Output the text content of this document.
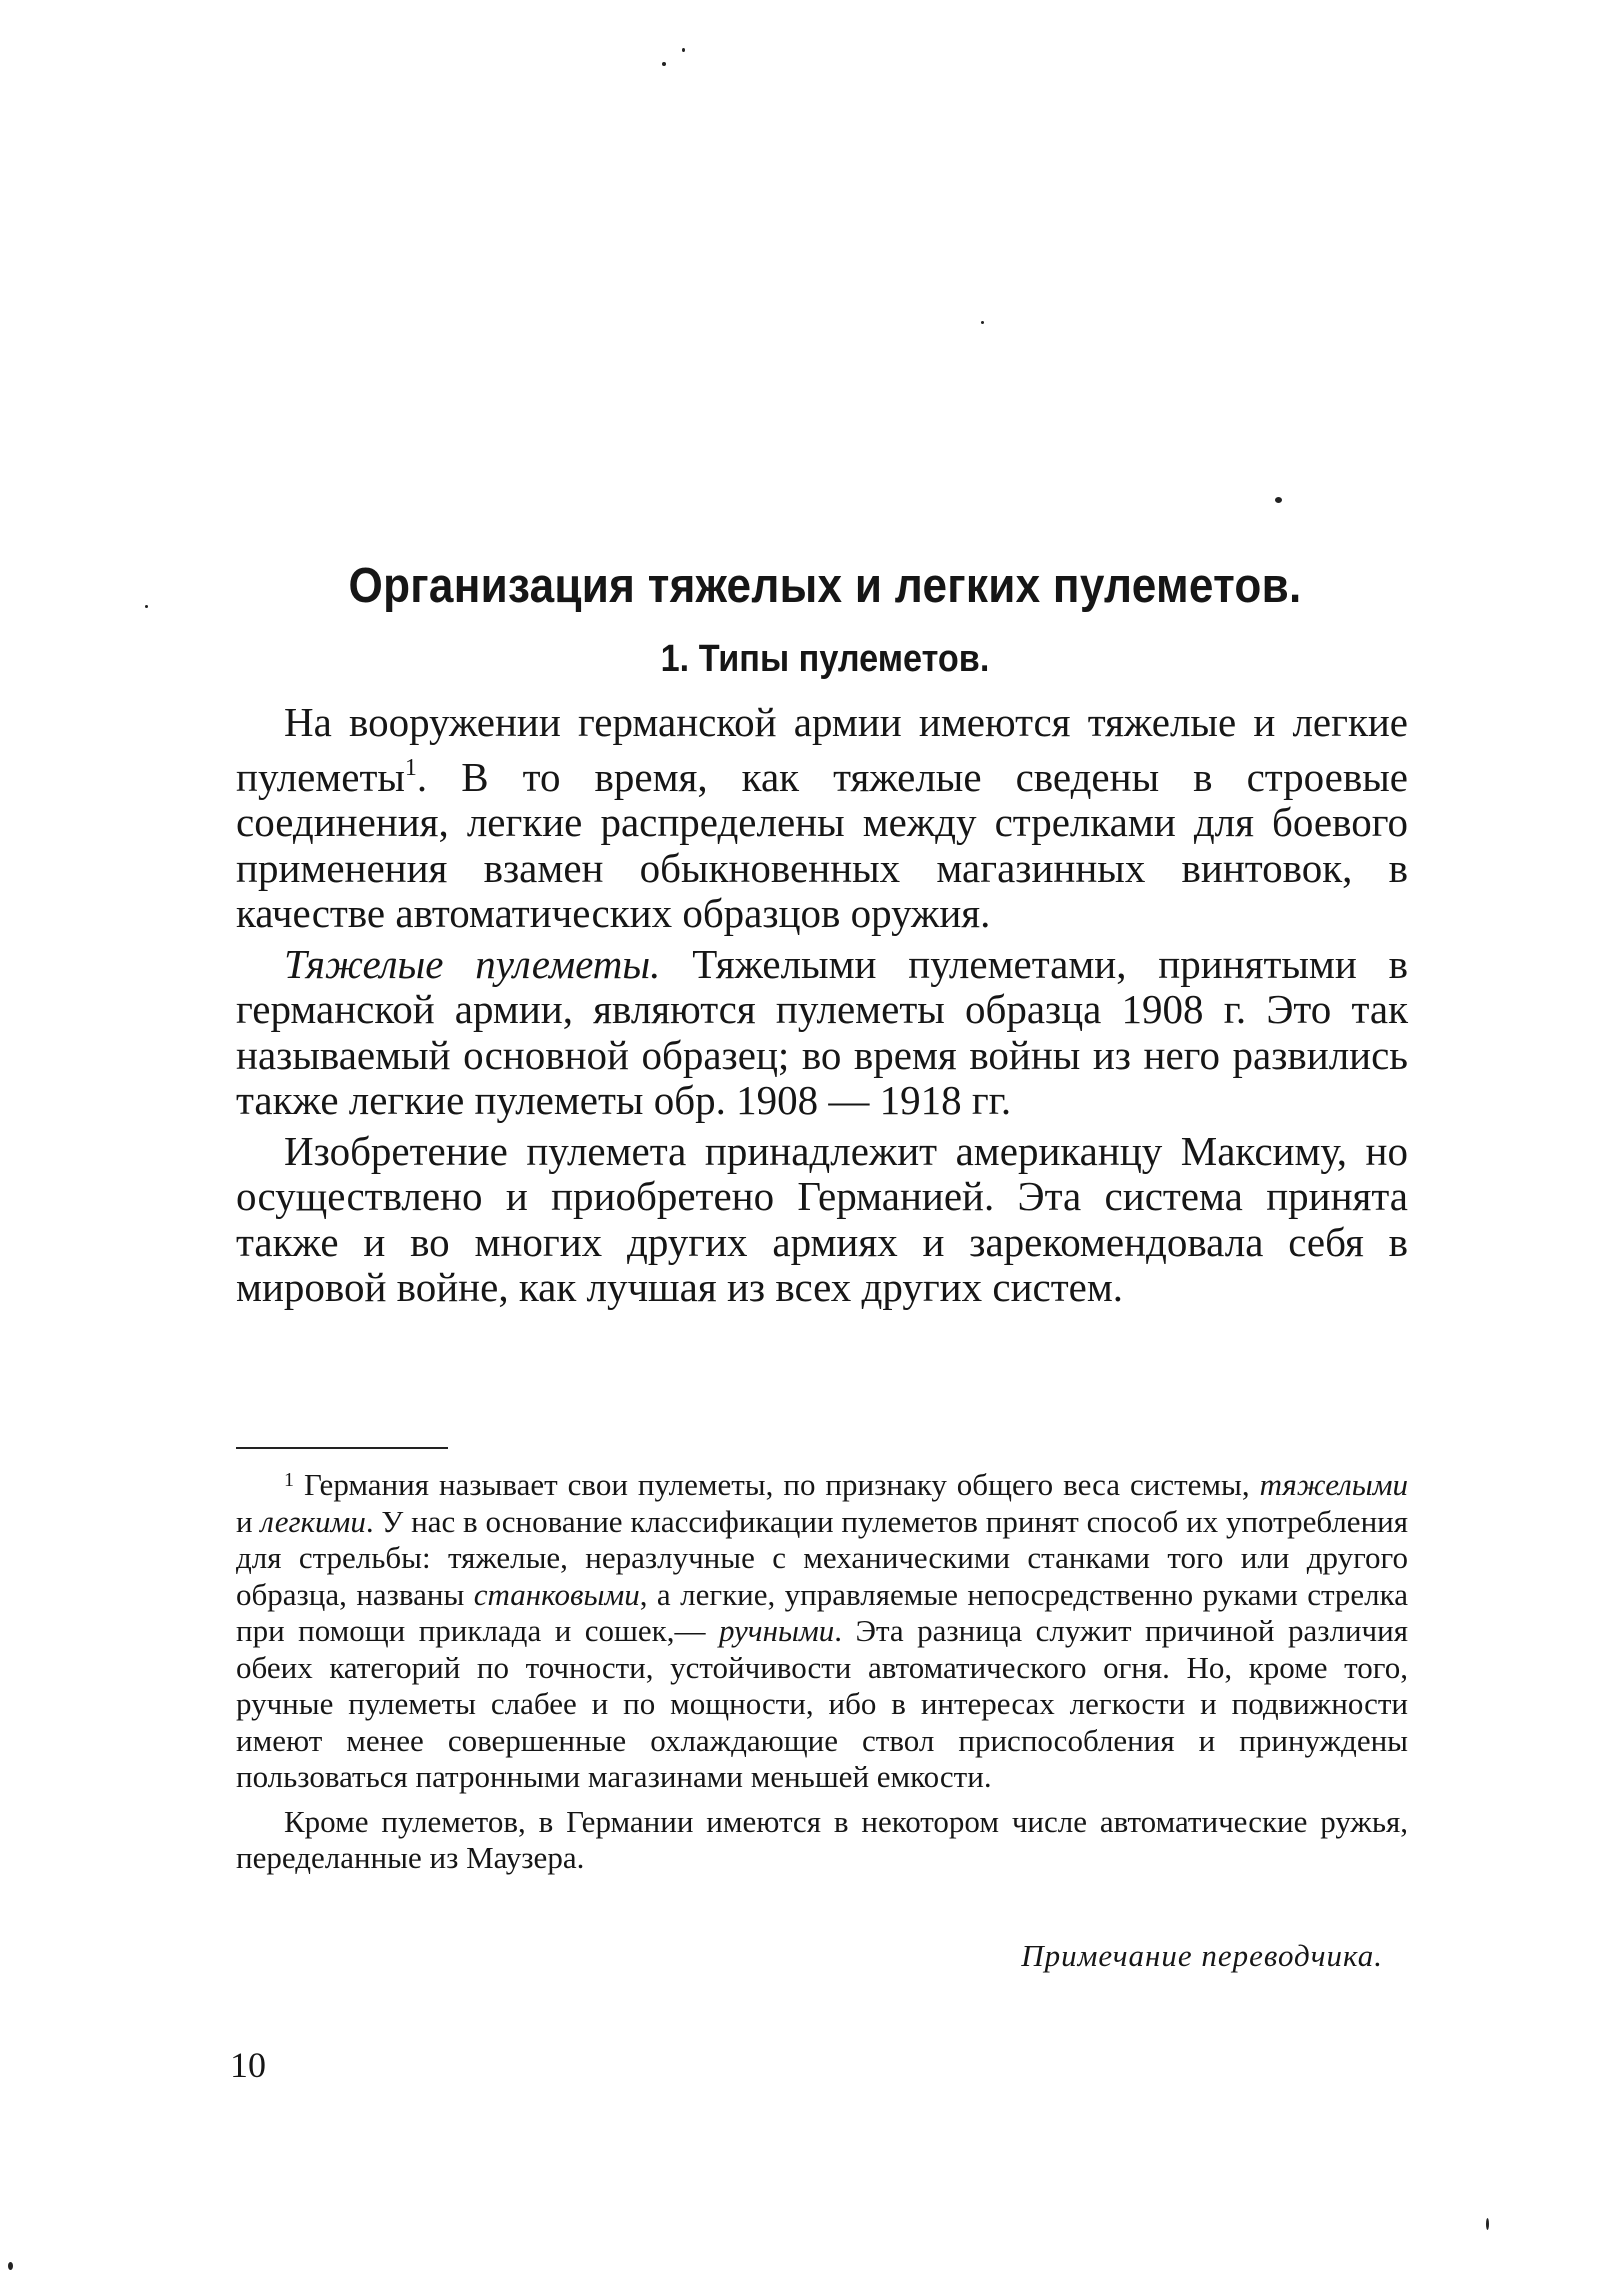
Организация тяжелых и легких пулеметов.
1. Типы пулеметов.

На вооружении германской армии имеются тяжелые и легкие пулеметы$^1$. В то время, как тяжелые сведены в строевые соединения, легкие распределены между стрелками для боевого применения взамен обыкновенных магазинных винтовок, в качестве автоматических образцов оружия.

Тяжелые пулеметы. Тяжелыми пулеметами, принятыми в германской армии, являются пулеметы образца 1908 г. Это так называемый основной образец; во время войны из него развились также легкие пулеметы обр. 1908 — 1918 гг.

Изобретение пулемета принадлежит американцу Максиму, но осуществлено и приобретено Германией. Эта система принята также и во многих других армиях и зарекомендовала себя в мировой войне, как лучшая из всех других систем.

$^1$ Германия называет свои пулеметы, по признаку общего веса системы, тяжелыми и легкими. У нас в основание классификации пулеметов принят способ их употребления для стрельбы: тяжелые, неразлучные с механическими станками того или другого образца, названы станковыми, а легкие, управляемые непосредственно руками стрелка при помощи приклада и сошек,— ручными. Эта разница служит причиной различия обеих категорий по точности, устойчивости автоматического огня. Но, кроме того, ручные пулеметы слабее и по мощности, ибо в интересах легкости и подвижности имеют менее совершенные охлаждающие ствол приспособления и принуждены пользоваться патронными магазинами меньшей емкости.

Кроме пулеметов, в Германии имеются в некотором числе автоматические ружья, переделанные из Маузера.

Примечание переводчика.

10
